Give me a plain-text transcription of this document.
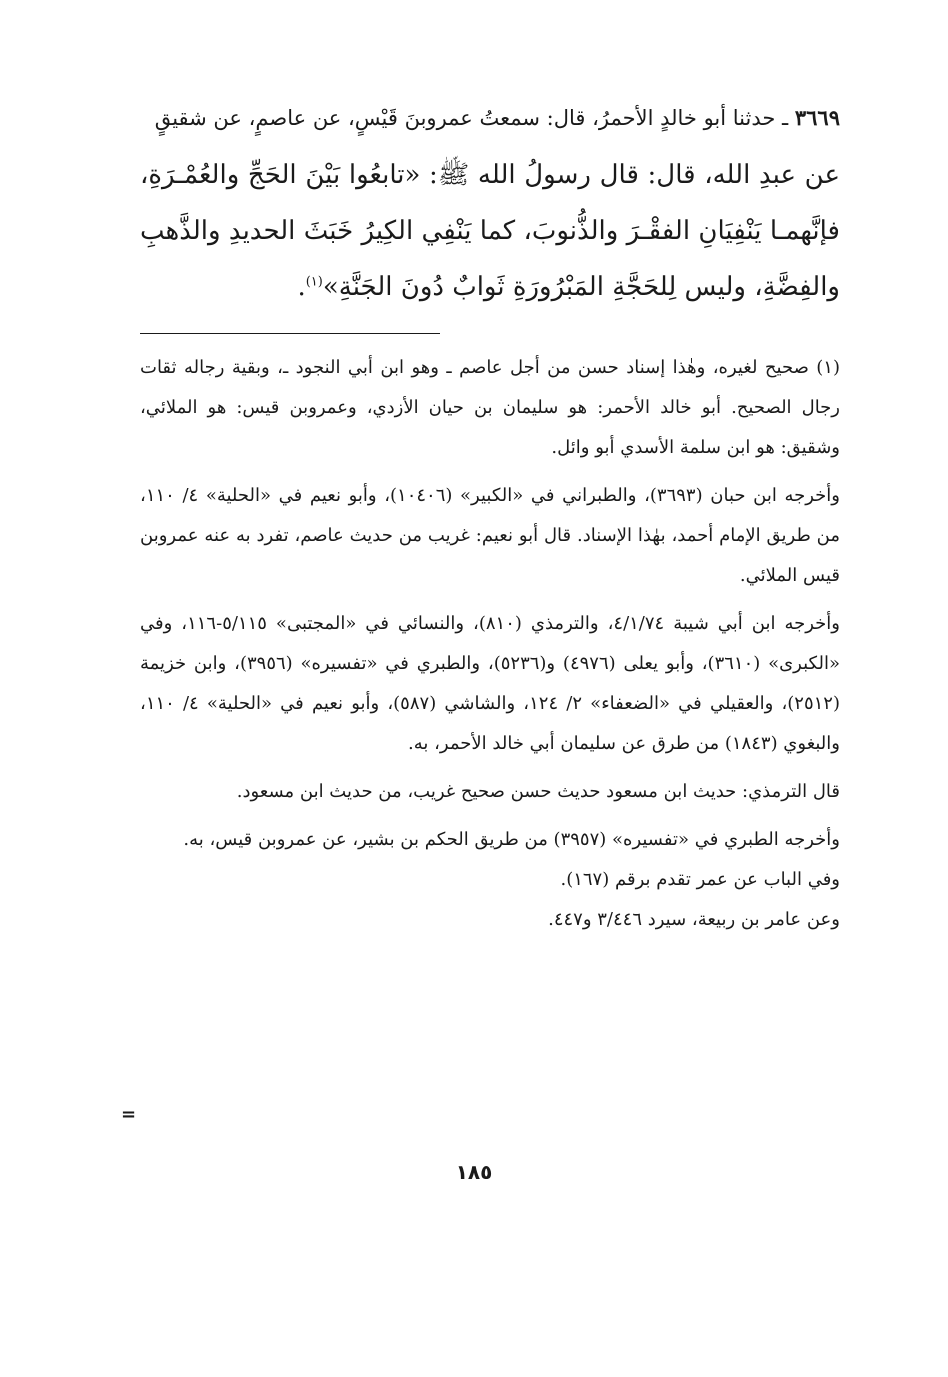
٣٦٦٩ ـ حدثنا أبو خالدٍ الأحمرُ، قال: سمعتُ عمروبنَ قَيْسٍ، عن عاصمٍ، عن شقيقٍ

عن عبدِ الله، قال: قال رسولُ الله ﷺ: «تابعُوا بَيْنَ الحَجِّ والعُمْـرَةِ، فإنَّهمـا يَنْفِيَانِ الفقْـرَ والذُّنوبَ، كما يَنْفِي الكِيرُ خَبَثَ الحديدِ والذَّهبِ والفِضَّةِ، وليس لِلحَجَّةِ المَبْرُورَةِ ثَوابٌ دُونَ الجَنَّةِ»$^{(١)}$.

(١) صحيح لغيره، وهٰذا إسناد حسن من أجل عاصم ـ وهو ابن أبي النجود ـ، وبقية رجاله ثقات رجال الصحيح. أبو خالد الأحمر: هو سليمان بن حيان الأزدي، وعمروبن قيس: هو الملائي، وشقيق: هو ابن سلمة الأسدي أبو وائل.

وأخرجه ابن حبان (٣٦٩٣)، والطبراني في «الكبير» (١٠٤٠٦)، وأبو نعيم في «الحلية» ٤/ ١١٠، من طريق الإمام أحمد، بهٰذا الإسناد. قال أبو نعيم: غريب من حديث عاصم، تفرد به عنه عمروبن قيس الملائي.

وأخرجه ابن أبي شيبة ٤/١/٧٤، والترمذي (٨١٠)، والنسائي في «المجتبى» ٥/١١٥-١١٦، وفي «الكبرى» (٣٦١٠)، وأبو يعلى (٤٩٧٦) و(٥٢٣٦)، والطبري في «تفسيره» (٣٩٥٦)، وابن خزيمة (٢٥١٢)، والعقيلي في «الضعفاء» ٢/ ١٢٤، والشاشي (٥٨٧)، وأبو نعيم في «الحلية» ٤/ ١١٠، والبغوي (١٨٤٣) من طرق عن سليمان أبي خالد الأحمر، به.

قال الترمذي: حديث ابن مسعود حديث حسن صحيح غريب، من حديث ابن مسعود.

وأخرجه الطبري في «تفسيره» (٣٩٥٧) من طريق الحكم بن بشير، عن عمروبن قيس، به.

وفي الباب عن عمر تقدم برقم (١٦٧).

وعن عامر بن ربيعة، سيرد ٣/٤٤٦ و٤٤٧.

=
١٨٥
